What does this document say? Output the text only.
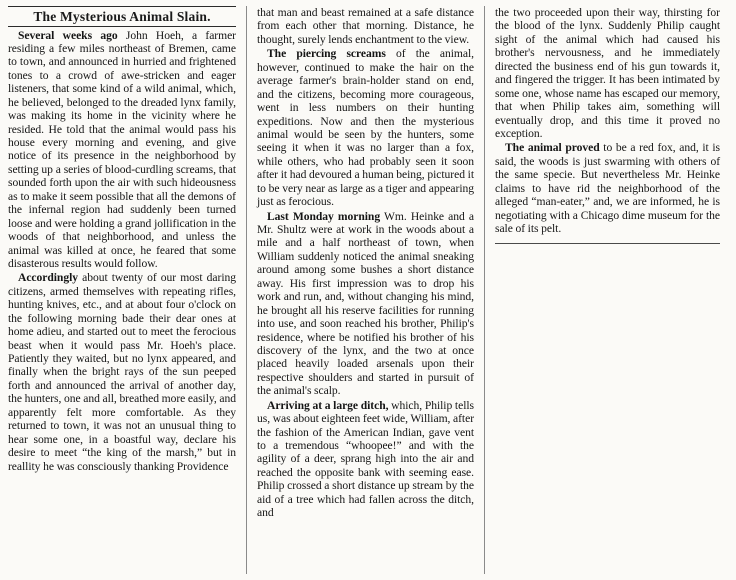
The Mysterious Animal Slain.

Several weeks ago John Hoeh, a farmer residing a few miles northeast of Bremen, came to town, and announced in hurried and frightened tones to a crowd of awe-stricken and eager listeners, that some kind of a wild animal, which, he believed, belonged to the dreaded lynx family, was making its home in the vicinity where he resided. He told that the animal would pass his house every morning and evening, and give notice of its presence in the neighborhood by setting up a series of blood-curdling screams, that sounded forth upon the air with such hideousness as to make it seem possible that all the demons of the infernal region had suddenly been turned loose and were holding a grand jollification in the woods of that neighborhood, and unless the animal was killed at once, he feared that some disasterous results would follow.

Accordingly about twenty of our most daring citizens, armed themselves with repeating rifles, hunting knives, etc., and at about four o'clock on the following morning bade their dear ones at home adieu, and started out to meet the ferocious beast when it would pass Mr. Hoeh's place. Patiently they waited, but no lynx appeared, and finally when the bright rays of the sun peeped forth and announced the arrival of another day, the hunters, one and all, breathed more easily, and apparently felt more comfortable. As they returned to town, it was not an unusual thing to hear some one, in a boastful way, declare his desire to meet “the king of the marsh,” but in reallity he was consciously thanking Providence

that man and beast remained at a safe distance from each other that morning. Distance, he thought, surely lends enchantment to the view.

The piercing screams of the animal, however, continued to make the hair on the average farmer's brain-holder stand on end, and the citizens, becoming more courageous, went in less numbers on their hunting expeditions. Now and then the mysterious animal would be seen by the hunters, some seeing it when it was no larger than a fox, while others, who had probably seen it soon after it had devoured a human being, pictured it to be very near as large as a tiger and appearing just as ferocious.

Last Monday morning Wm. Heinke and a Mr. Shultz were at work in the woods about a mile and a half northeast of town, when William suddenly noticed the animal sneaking around among some bushes a short distance away. His first impression was to drop his work and run, and, without changing his mind, he brought all his reserve facilities for running into use, and soon reached his brother, Philip's residence, where be notified his brother of his discovery of the lynx, and the two at once placed heavily loaded arsenals upon their respective shoulders and started in pursuit of the animal's scalp.

Arriving at a large ditch, which, Philip tells us, was about eighteen feet wide, William, after the fashion of the American Indian, gave vent to a tremendous “whoopee!” and with the agility of a deer, sprang high into the air and reached the opposite bank with seeming ease. Philip crossed a short distance up stream by the aid of a tree which had fallen across the ditch, and

the two proceeded upon their way, thirsting for the blood of the lynx. Suddenly Philip caught sight of the animal which had caused his brother's nervousness, and he immediately directed the business end of his gun towards it, and fingered the trigger. It has been intimated by some one, whose name has escaped our memory, that when Philip takes aim, something will eventually drop, and this time it proved no exception.

The animal proved to be a red fox, and, it is said, the woods is just swarming with others of the same specie. But nevertheless Mr. Heinke claims to have rid the neighborhood of the alleged “man-eater,” and, we are informed, he is negotiating with a Chicago dime museum for the sale of its pelt.
